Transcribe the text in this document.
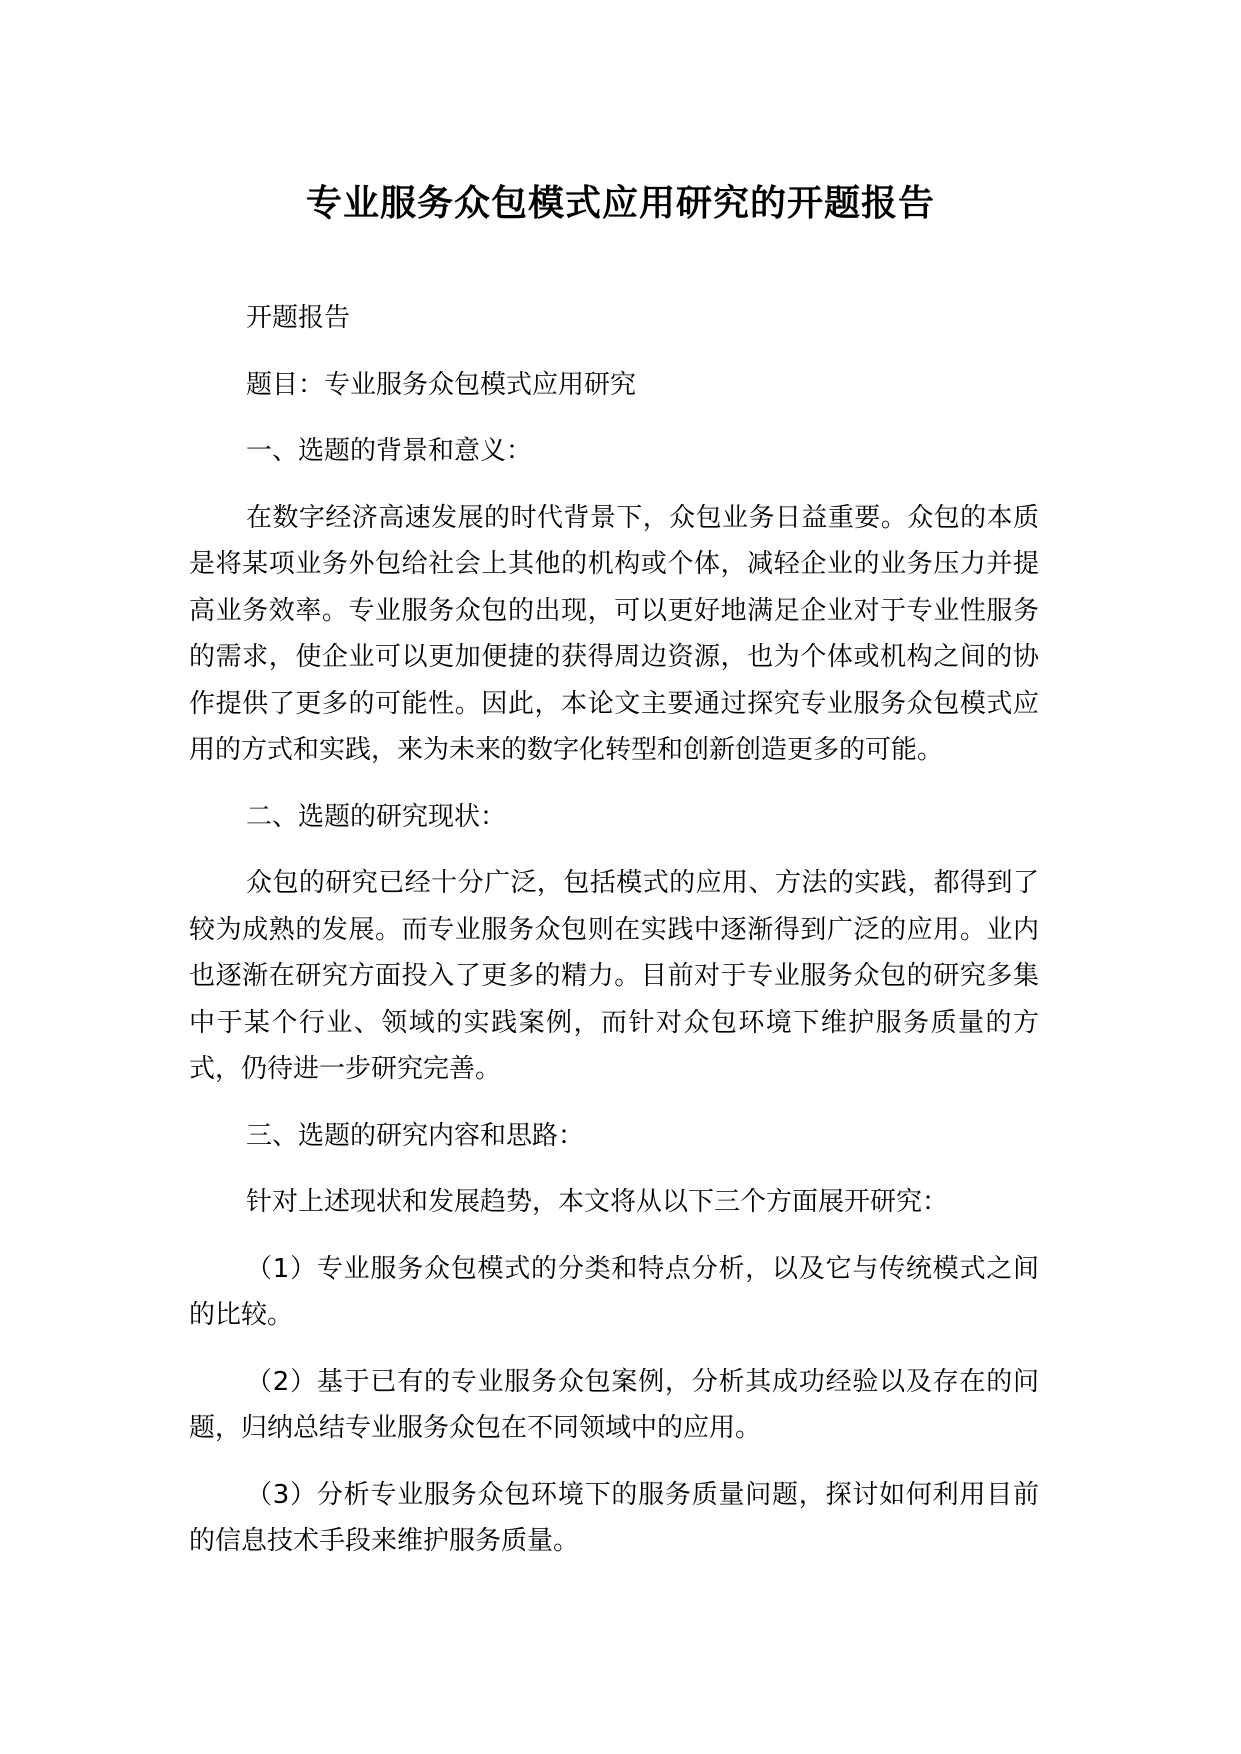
专业服务众包模式应用研究的开题报告

开题报告

题目：专业服务众包模式应用研究

一、选题的背景和意义：

在数字经济高速发展的时代背景下，众包业务日益重要。众包的本质是将某项业务外包给社会上其他的机构或个体，减轻企业的业务压力并提高业务效率。专业服务众包的出现，可以更好地满足企业对于专业性服务的需求，使企业可以更加便捷的获得周边资源，也为个体或机构之间的协作提供了更多的可能性。因此，本论文主要通过探究专业服务众包模式应用的方式和实践，来为未来的数字化转型和创新创造更多的可能。

二、选题的研究现状：

众包的研究已经十分广泛，包括模式的应用、方法的实践，都得到了较为成熟的发展。而专业服务众包则在实践中逐渐得到广泛的应用。业内也逐渐在研究方面投入了更多的精力。目前对于专业服务众包的研究多集中于某个行业、领域的实践案例，而针对众包环境下维护服务质量的方式，仍待进一步研究完善。

三、选题的研究内容和思路：

针对上述现状和发展趋势，本文将从以下三个方面展开研究：

（1）专业服务众包模式的分类和特点分析，以及它与传统模式之间的比较。

（2）基于已有的专业服务众包案例，分析其成功经验以及存在的问题，归纳总结专业服务众包在不同领域中的应用。

（3）分析专业服务众包环境下的服务质量问题，探讨如何利用目前的信息技术手段来维护服务质量。
